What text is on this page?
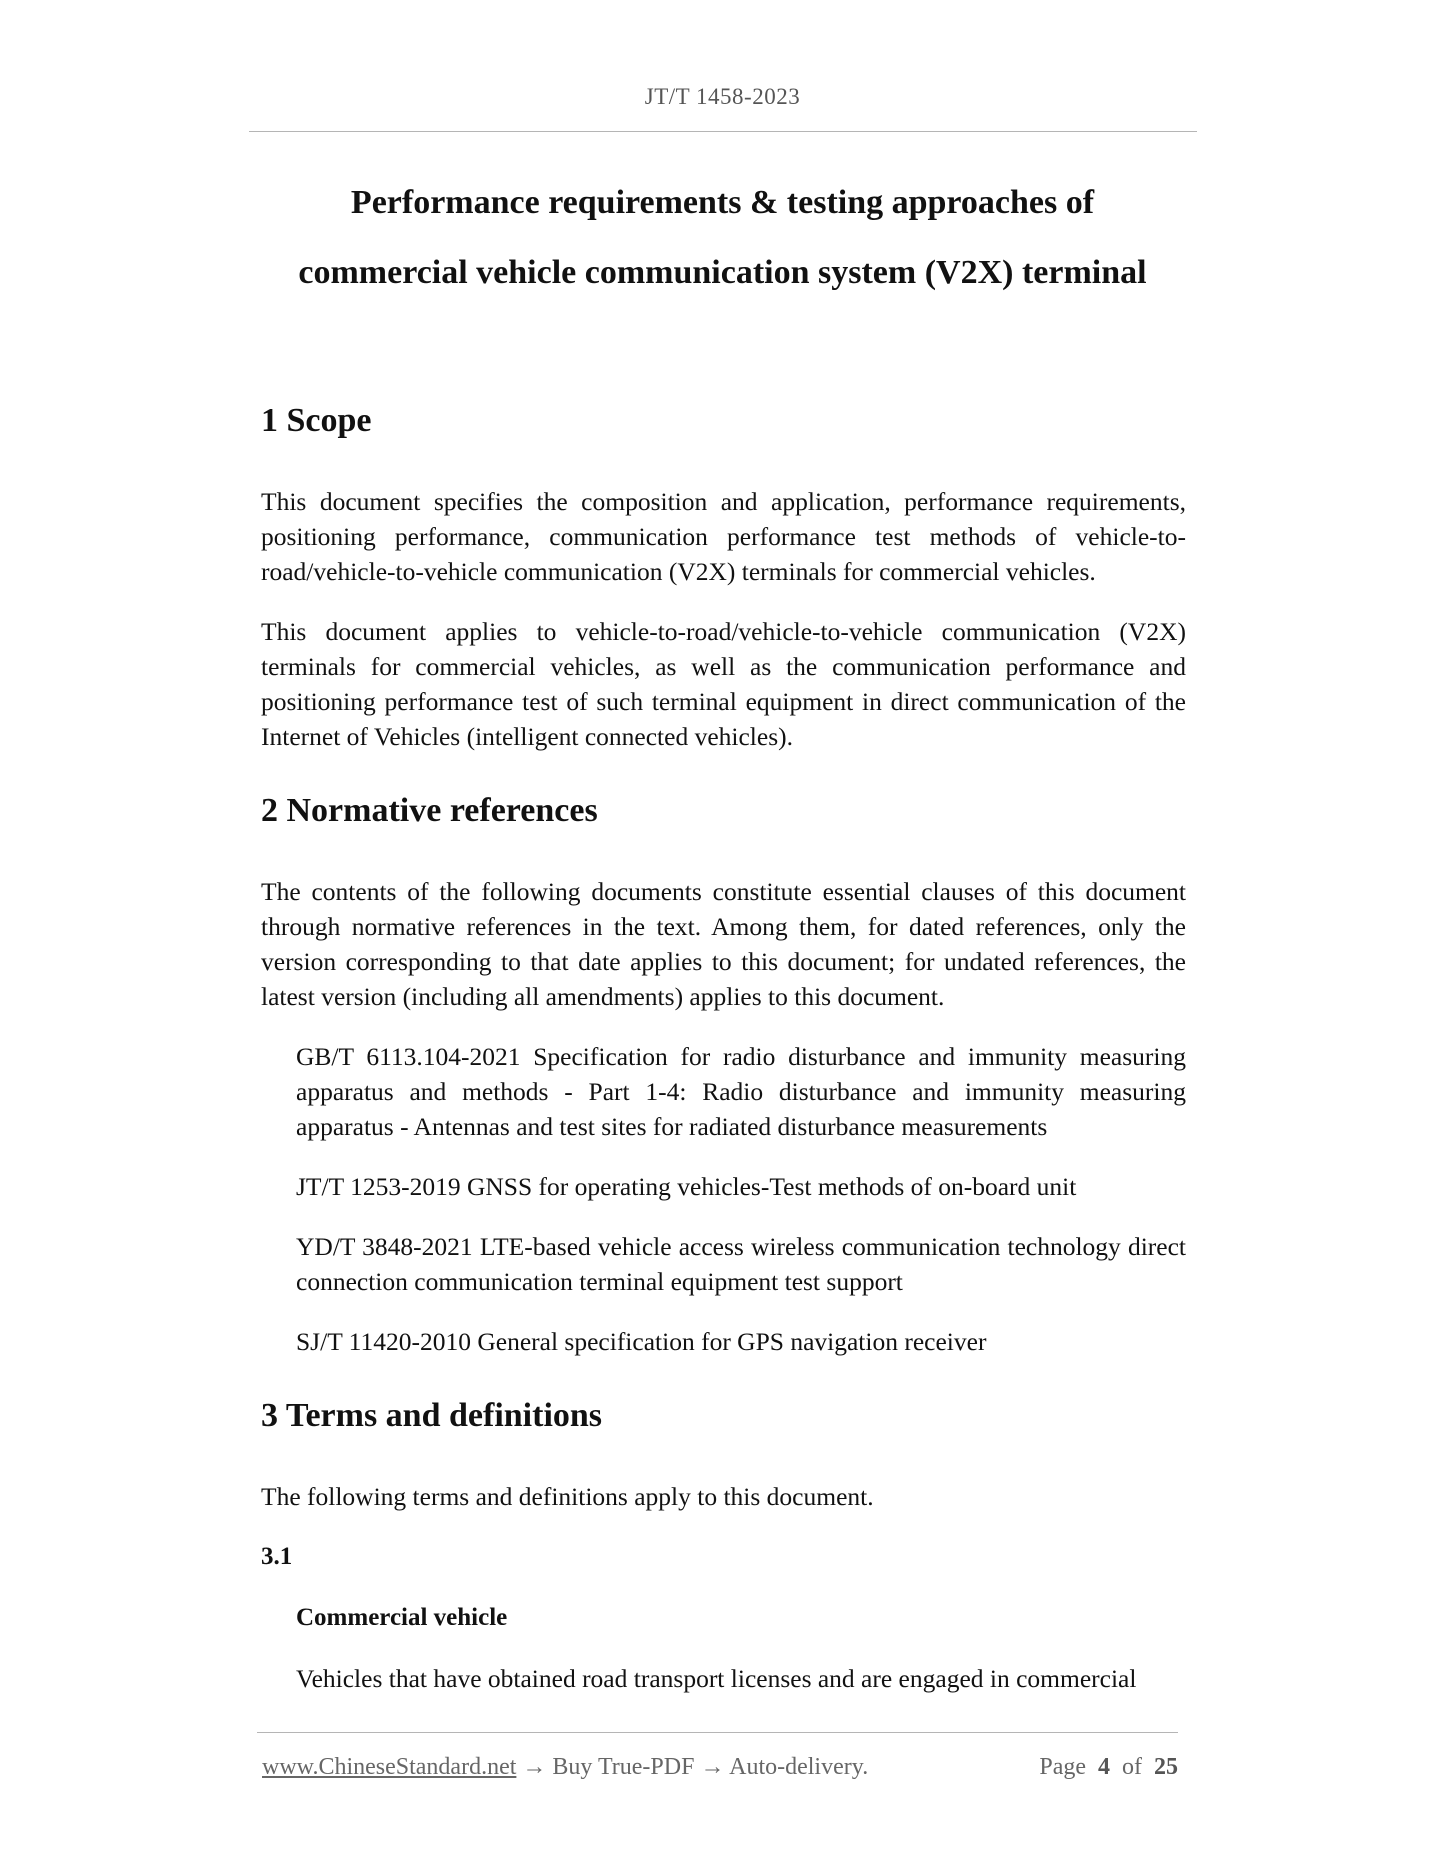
JT/T 1458-2023
Performance requirements & testing approaches of
commercial vehicle communication system (V2X) terminal
1 Scope

This document specifies the composition and application, performance requirements, positioning performance, communication performance test methods of vehicle-to-road/vehicle-to-vehicle communication (V2X) terminals for commercial vehicles.

This document applies to vehicle-to-road/vehicle-to-vehicle communication (V2X) terminals for commercial vehicles, as well as the communication performance and positioning performance test of such terminal equipment in direct communication of the Internet of Vehicles (intelligent connected vehicles).

2 Normative references

The contents of the following documents constitute essential clauses of this document through normative references in the text. Among them, for dated references, only the version corresponding to that date applies to this document; for undated references, the latest version (including all amendments) applies to this document.

GB/T 6113.104-2021 Specification for radio disturbance and immunity measuring apparatus and methods - Part 1-4: Radio disturbance and immunity measuring apparatus - Antennas and test sites for radiated disturbance measurements

JT/T 1253-2019 GNSS for operating vehicles-Test methods of on-board unit

YD/T 3848-2021 LTE-based vehicle access wireless communication technology direct connection communication terminal equipment test support

SJ/T 11420-2010 General specification for GPS navigation receiver

3 Terms and definitions

The following terms and definitions apply to this document.

3.1
Commercial vehicle

Vehicles that have obtained road transport licenses and are engaged in commercial

www.ChineseStandard.net → Buy True-PDF → Auto-delivery.	Page 4 of 25
